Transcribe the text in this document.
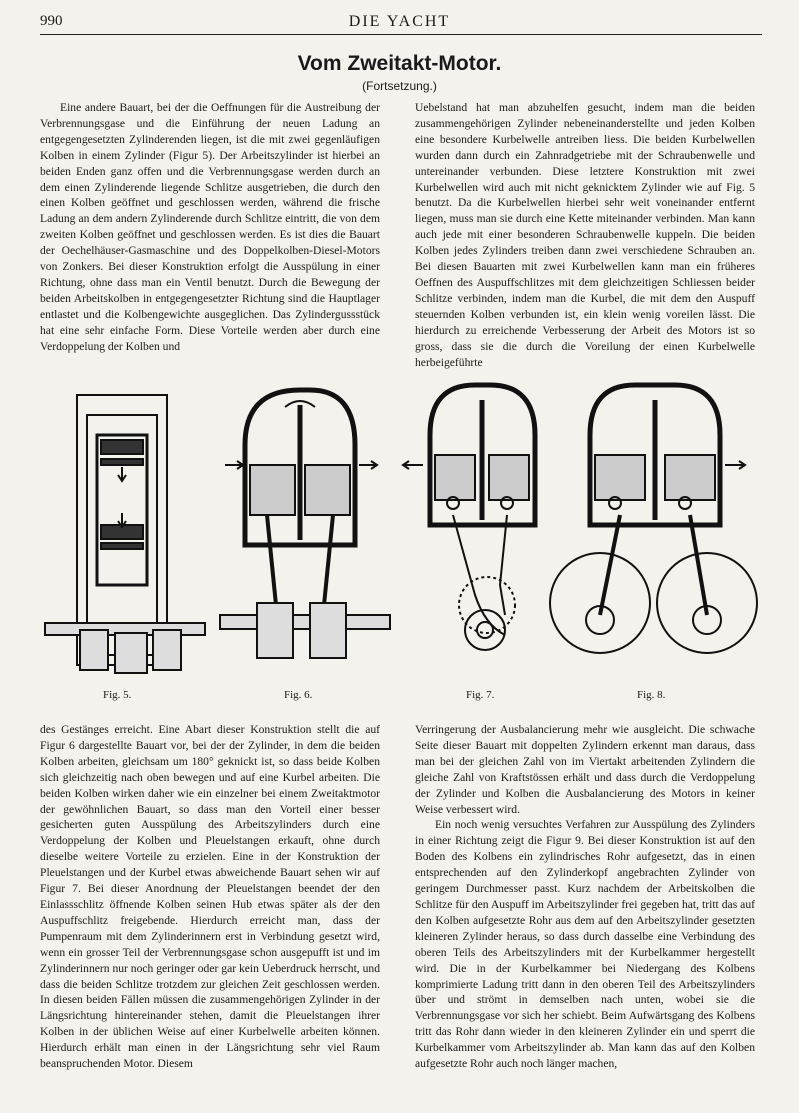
990	DIE YACHT
Vom Zweitakt-Motor.
(Fortsetzung.)

Eine andere Bauart, bei der die Oeffnungen für die Austreibung der Verbrennungsgase und die Einführung der neuen Ladung an entgegengesetzten Zylinderenden liegen, ist die mit zwei gegenläufigen Kolben in einem Zylinder (Figur 5). Der Arbeitszylinder ist hierbei an beiden Enden ganz offen und die Verbrennungsgase werden durch an dem einen Zylinderende liegende Schlitze ausgetrieben, die durch den einen Kolben geöffnet und geschlossen werden, während die frische Ladung an dem andern Zylinderende durch Schlitze eintritt, die von dem zweiten Kolben geöffnet und geschlossen werden. Es ist dies die Bauart der Oechelhäuser-Gasmaschine und des Doppelkolben-Diesel-Motors von Zonkers. Bei dieser Konstruktion erfolgt die Ausspülung in einer Richtung, ohne dass man ein Ventil benutzt. Durch die Bewegung der beiden Arbeitskolben in entgegengesetzter Richtung sind die Hauptlager entlastet und die Kolbengewichte ausgeglichen. Das Zylindergussstück hat eine sehr einfache Form. Diese Vorteile werden aber durch eine Verdoppelung der Kolben und

Uebelstand hat man abzuhelfen gesucht, indem man die beiden zusammengehörigen Zylinder nebeneinanderstellte und jeden Kolben eine besondere Kurbelwelle antreiben liess. Die beiden Kurbelwellen wurden dann durch ein Zahnradgetriebe mit der Schraubenwelle und untereinander verbunden. Diese letztere Konstruktion mit zwei Kurbelwellen wird auch mit nicht geknicktem Zylinder wie auf Fig. 5 benutzt. Da die Kurbelwellen hierbei sehr weit voneinander entfernt liegen, muss man sie durch eine Kette miteinander verbinden. Man kann auch jede mit einer besonderen Schraubenwelle kuppeln. Die beiden Kolben jedes Zylinders treiben dann zwei verschiedene Schrauben an. Bei diesen Bauarten mit zwei Kurbelwellen kann man ein früheres Oeffnen des Auspuffschlitzes mit dem gleichzeitigen Schliessen beider Schlitze verbinden, indem man die Kurbel, die mit dem den Auspuff steuernden Kolben verbunden ist, ein klein wenig voreilen lässt. Die hierdurch zu erreichende Verbesserung der Arbeit des Motors ist so gross, dass sie die durch die Voreilung der einen Kurbelwelle herbeigeführte

Fig. 5.	Fig. 6.	Fig. 7.	Fig. 8.

des Gestänges erreicht. Eine Abart dieser Konstruktion stellt die auf Figur 6 dargestellte Bauart vor, bei der der Zylinder, in dem die beiden Kolben arbeiten, gleichsam um 180° geknickt ist, so dass beide Kolben sich gleichzeitig nach oben bewegen und auf eine Kurbel arbeiten. Die beiden Kolben wirken daher wie ein einzelner bei einem Zweitaktmotor der gewöhnlichen Bauart, so dass man den Vorteil einer besser gesicherten guten Ausspülung des Arbeitszylinders durch eine Verdoppelung der Kolben und Pleuelstangen erkauft, ohne durch dieselbe weitere Vorteile zu erzielen. Eine in der Konstruktion der Pleuelstangen und der Kurbel etwas abweichende Bauart sehen wir auf Figur 7. Bei dieser Anordnung der Pleuelstangen beendet der den Einlassschlitz öffnende Kolben seinen Hub etwas später als der den Auspuffschlitz freigebende. Hierdurch erreicht man, dass der Pumpenraum mit dem Zylinderinnern erst in Verbindung gesetzt wird, wenn ein grosser Teil der Verbrennungsgase schon ausgepufft ist und im Zylinderinnern nur noch geringer oder gar kein Ueberdruck herrscht, und dass die beiden Schlitze trotzdem zur gleichen Zeit geschlossen werden. In diesen beiden Fällen müssen die zusammengehörigen Zylinder in der Längsrichtung hintereinander stehen, damit die Pleuelstangen ihrer Kolben in der üblichen Weise auf einer Kurbelwelle arbeiten können. Hierdurch erhält man einen in der Längsrichtung sehr viel Raum beanspruchenden Motor. Diesem

Verringerung der Ausbalancierung mehr wie ausgleicht. Die schwache Seite dieser Bauart mit doppelten Zylindern erkennt man daraus, dass man bei der gleichen Zahl von im Viertakt arbeitenden Zylindern die gleiche Zahl von Kraftstössen erhält und dass durch die Verdoppelung der Zylinder und Kolben die Ausbalancierung des Motors in keiner Weise verbessert wird.

Ein noch wenig versuchtes Verfahren zur Ausspülung des Zylinders in einer Richtung zeigt die Figur 9. Bei dieser Konstruktion ist auf den Boden des Kolbens ein zylindrisches Rohr aufgesetzt, das in einen entsprechenden auf den Zylinderkopf angebrachten Zylinder von geringem Durchmesser passt. Kurz nachdem der Arbeitskolben die Schlitze für den Auspuff im Arbeitszylinder frei gegeben hat, tritt das auf den Kolben aufgesetzte Rohr aus dem auf den Arbeitszylinder gesetzten kleineren Zylinder heraus, so dass durch dasselbe eine Verbindung des oberen Teils des Arbeitszylinders mit der Kurbelkammer hergestellt wird. Die in der Kurbelkammer bei Niedergang des Kolbens komprimierte Ladung tritt dann in den oberen Teil des Arbeitszylinders über und strömt in demselben nach unten, wobei sie die Verbrennungsgase vor sich her schiebt. Beim Aufwärtsgang des Kolbens tritt das Rohr dann wieder in den kleineren Zylinder ein und sperrt die Kurbelkammer vom Arbeitszylinder ab. Man kann das auf den Kolben aufgesetzte Rohr auch noch länger machen,
